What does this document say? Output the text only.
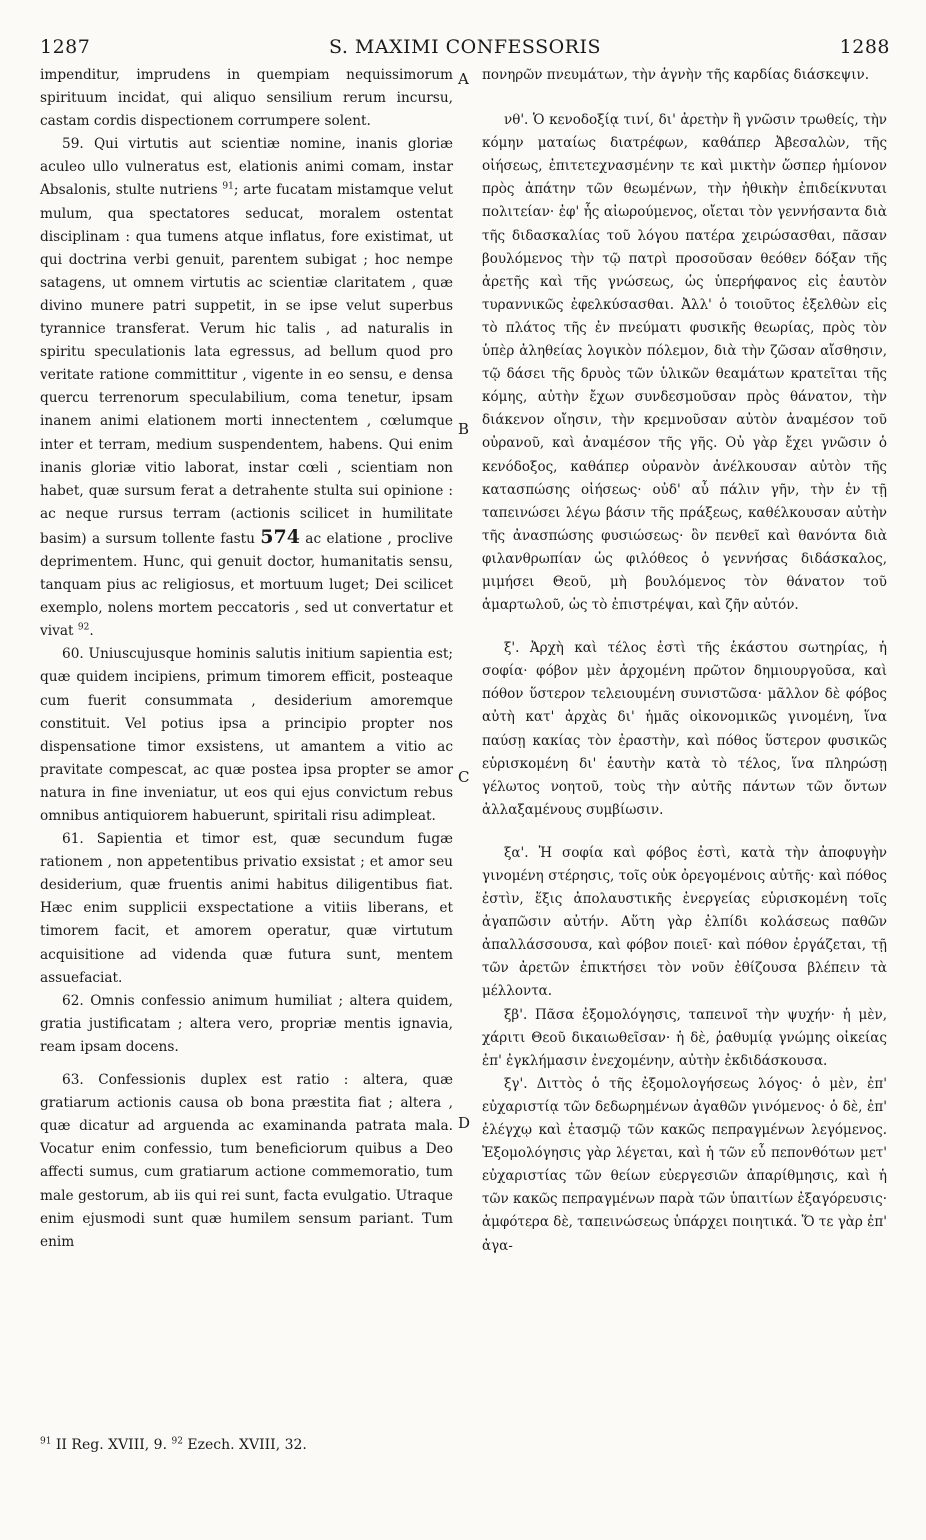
1287	S. MAXIMI CONFESSORIS	1288
A
B
C
D

impenditur, imprudens in quempiam nequissimorum spirituum incidat, qui aliquo sensilium rerum incursu, castam cordis dispectionem corrumpere solent.

59. Qui virtutis aut scientiæ nomine, inanis gloriæ aculeo ullo vulneratus est, elationis animi comam, instar Absalonis, stulte nutriens $^{91}$; arte fucatam mistamque velut mulum, qua spectatores seducat, moralem ostentat disciplinam : qua tumens atque inflatus, fore existimat, ut qui doctrina verbi genuit, parentem subigat ; hoc nempe satagens, ut omnem virtutis ac scientiæ claritatem , quæ divino munere patri suppetit, in se ipse velut superbus tyrannice transferat. Verum hic talis , ad naturalis in spiritu speculationis lata egressus, ad bellum quod pro veritate ratione committitur , vigente in eo sensu, e densa quercu terrenorum speculabilium, coma tenetur, ipsam inanem animi elationem morti innectentem , cœlumque inter et terram, medium suspendentem, habens. Qui enim inanis gloriæ vitio laborat, instar cœli , scientiam non habet, quæ sursum ferat a detrahente stulta sui opinione : ac neque rursus terram (actionis scilicet in humilitate basim) a sursum tollente fastu 574 ac elatione , proclive deprimentem. Hunc, qui genuit doctor, humanitatis sensu, tanquam pius ac religiosus, et mortuum luget; Dei scilicet exemplo, nolens mortem peccatoris , sed ut convertatur et vivat $^{92}$.

60. Uniuscujusque hominis salutis initium sapientia est; quæ quidem incipiens, primum timorem efficit, posteaque cum fuerit consummata , desiderium amoremque constituit. Vel potius ipsa a principio propter nos dispensatione timor exsistens, ut amantem a vitio ac pravitate compescat, ac quæ postea ipsa propter se amor natura in fine inveniatur, ut eos qui ejus convictum rebus omnibus antiquiorem habuerunt, spiritali risu adimpleat.

61. Sapientia et timor est, quæ secundum fugæ rationem , non appetentibus privatio exsistat ; et amor seu desiderium, quæ fruentis animi habitus diligentibus fiat. Hæc enim supplicii exspectatione a vitiis liberans, et timorem facit, et amorem operatur, quæ virtutum acquisitione ad videnda quæ futura sunt, mentem assuefaciat.

62. Omnis confessio animum humiliat ; altera quidem, gratia justificatam ; altera vero, propriæ mentis ignavia, ream ipsam docens.

63. Confessionis duplex est ratio : altera, quæ gratiarum actionis causa ob bona præstita fiat ; altera , quæ dicatur ad arguenda ac examinanda patrata mala. Vocatur enim confessio, tum beneficiorum quibus a Deo affecti sumus, cum gratiarum actione commemoratio, tum male gestorum, ab iis qui rei sunt, facta evulgatio. Utraque enim ejusmodi sunt quæ humilem sensum pariant. Tum enim

πονηρῶν πνευμάτων, τὴν ἁγνὴν τῆς καρδίας διάσκεψιν.

νθ'. Ὁ κενοδοξίᾳ τινί, δι' ἀρετὴν ἢ γνῶσιν τρωθείς, τὴν κόμην ματαίως διατρέφων, καθάπερ Ἀβεσαλὼν, τῆς οἰήσεως, ἐπιτετεχνασμένην τε καὶ μικτὴν ὥσπερ ἡμίονον πρὸς ἀπάτην τῶν θεωμένων, τὴν ἠθικὴν ἐπιδείκνυται πολιτείαν· ἐφ' ἧς αἰωρούμενος, οἴεται τὸν γεννήσαντα διὰ τῆς διδασκαλίας τοῦ λόγου πατέρα χειρώσασθαι, πᾶσαν βουλόμενος τὴν τῷ πατρὶ προσοῦσαν θεόθεν δόξαν τῆς ἀρετῆς καὶ τῆς γνώσεως, ὡς ὑπερήφανος εἰς ἑαυτὸν τυραννικῶς ἐφελκύσασθαι. Ἀλλ' ὁ τοιοῦτος ἐξελθὼν εἰς τὸ πλάτος τῆς ἐν πνεύματι φυσικῆς θεωρίας, πρὸς τὸν ὑπὲρ ἀληθείας λογικὸν πόλεμον, διὰ τὴν ζῶσαν αἴσθησιν, τῷ δάσει τῆς δρυὸς τῶν ὑλικῶν θεαμάτων κρατεῖται τῆς κόμης, αὐτὴν ἔχων συνδεσμοῦσαν πρὸς θάνατον, τὴν διάκενον οἴησιν, τὴν κρεμνοῦσαν αὐτὸν ἀναμέσον τοῦ οὐρανοῦ, καὶ ἀναμέσον τῆς γῆς. Οὐ γὰρ ἔχει γνῶσιν ὁ κενόδοξος, καθάπερ οὐρανὸν ἀνέλκουσαν αὐτὸν τῆς κατασπώσης οἰήσεως· οὐδ' αὖ πάλιν γῆν, τὴν ἐν τῇ ταπεινώσει λέγω βάσιν τῆς πράξεως, καθέλκουσαν αὐτὴν τῆς ἀνασπώσης φυσιώσεως· ὃν πενθεῖ καὶ θανόντα διὰ φιλανθρωπίαν ὡς φιλόθεος ὁ γεννήσας διδάσκαλος, μιμήσει Θεοῦ, μὴ βουλόμενος τὸν θάνατον τοῦ ἁμαρτωλοῦ, ὡς τὸ ἐπιστρέψαι, καὶ ζῆν αὐτόν.

ξ'. Ἀρχὴ καὶ τέλος ἐστὶ τῆς ἑκάστου σωτηρίας, ἡ σοφία· φόβον μὲν ἀρχομένη πρῶτον δημιουργοῦσα, καὶ πόθον ὕστερον τελειουμένη συνιστῶσα· μᾶλλον δὲ φόβος αὐτὴ κατ' ἀρχὰς δι' ἡμᾶς οἰκονομικῶς γινομένη, ἵνα παύσῃ κακίας τὸν ἐραστὴν, καὶ πόθος ὕστερον φυσικῶς εὑρισκομένη δι' ἑαυτὴν κατὰ τὸ τέλος, ἵνα πληρώσῃ γέλωτος νοητοῦ, τοὺς τὴν αὐτῆς πάντων τῶν ὄντων ἀλλαξαμένους συμβίωσιν.

ξα'. Ἡ σοφία καὶ φόβος ἐστὶ, κατὰ τὴν ἀποφυγὴν γινομένη στέρησις, τοῖς οὐκ ὀρεγομένοις αὐτῆς· καὶ πόθος ἐστὶν, ἕξις ἀπολαυστικῆς ἐνεργείας εὑρισκομένη τοῖς ἀγαπῶσιν αὐτήν. Αὕτη γὰρ ἐλπίδι κολάσεως παθῶν ἀπαλλάσσουσα, καὶ φόβον ποιεῖ· καὶ πόθον ἐργάζεται, τῇ τῶν ἀρετῶν ἐπικτήσει τὸν νοῦν ἐθίζουσα βλέπειν τὰ μέλλοντα.

ξβ'. Πᾶσα ἐξομολόγησις, ταπεινοῖ τὴν ψυχήν· ἡ μὲν, χάριτι Θεοῦ δικαιωθεῖσαν· ἡ δὲ, ῥαθυμίᾳ γνώμης οἰκείας ἐπ' ἐγκλήμασιν ἐνεχομένην, αὐτὴν ἐκδιδάσκουσα.

ξγ'. Διττὸς ὁ τῆς ἐξομολογήσεως λόγος· ὁ μὲν, ἐπ' εὐχαριστίᾳ τῶν δεδωρημένων ἀγαθῶν γινόμενος· ὁ δὲ, ἐπ' ἐλέγχῳ καὶ ἐτασμῷ τῶν κακῶς πεπραγμένων λεγόμενος. Ἐξομολόγησις γὰρ λέγεται, καὶ ἡ τῶν εὖ πεπονθότων μετ' εὐχαριστίας τῶν θείων εὐεργεσιῶν ἀπαρίθμησις, καὶ ἡ τῶν κακῶς πεπραγμένων παρὰ τῶν ὑπαιτίων ἐξαγόρευσις· ἀμφότερα δὲ, ταπεινώσεως ὑπάρχει ποιητικά. Ὅ τε γὰρ ἐπ' ἀγα-

$^{91}$ II Reg. XVIII, 9. $^{92}$ Ezech. XVIII, 32.
